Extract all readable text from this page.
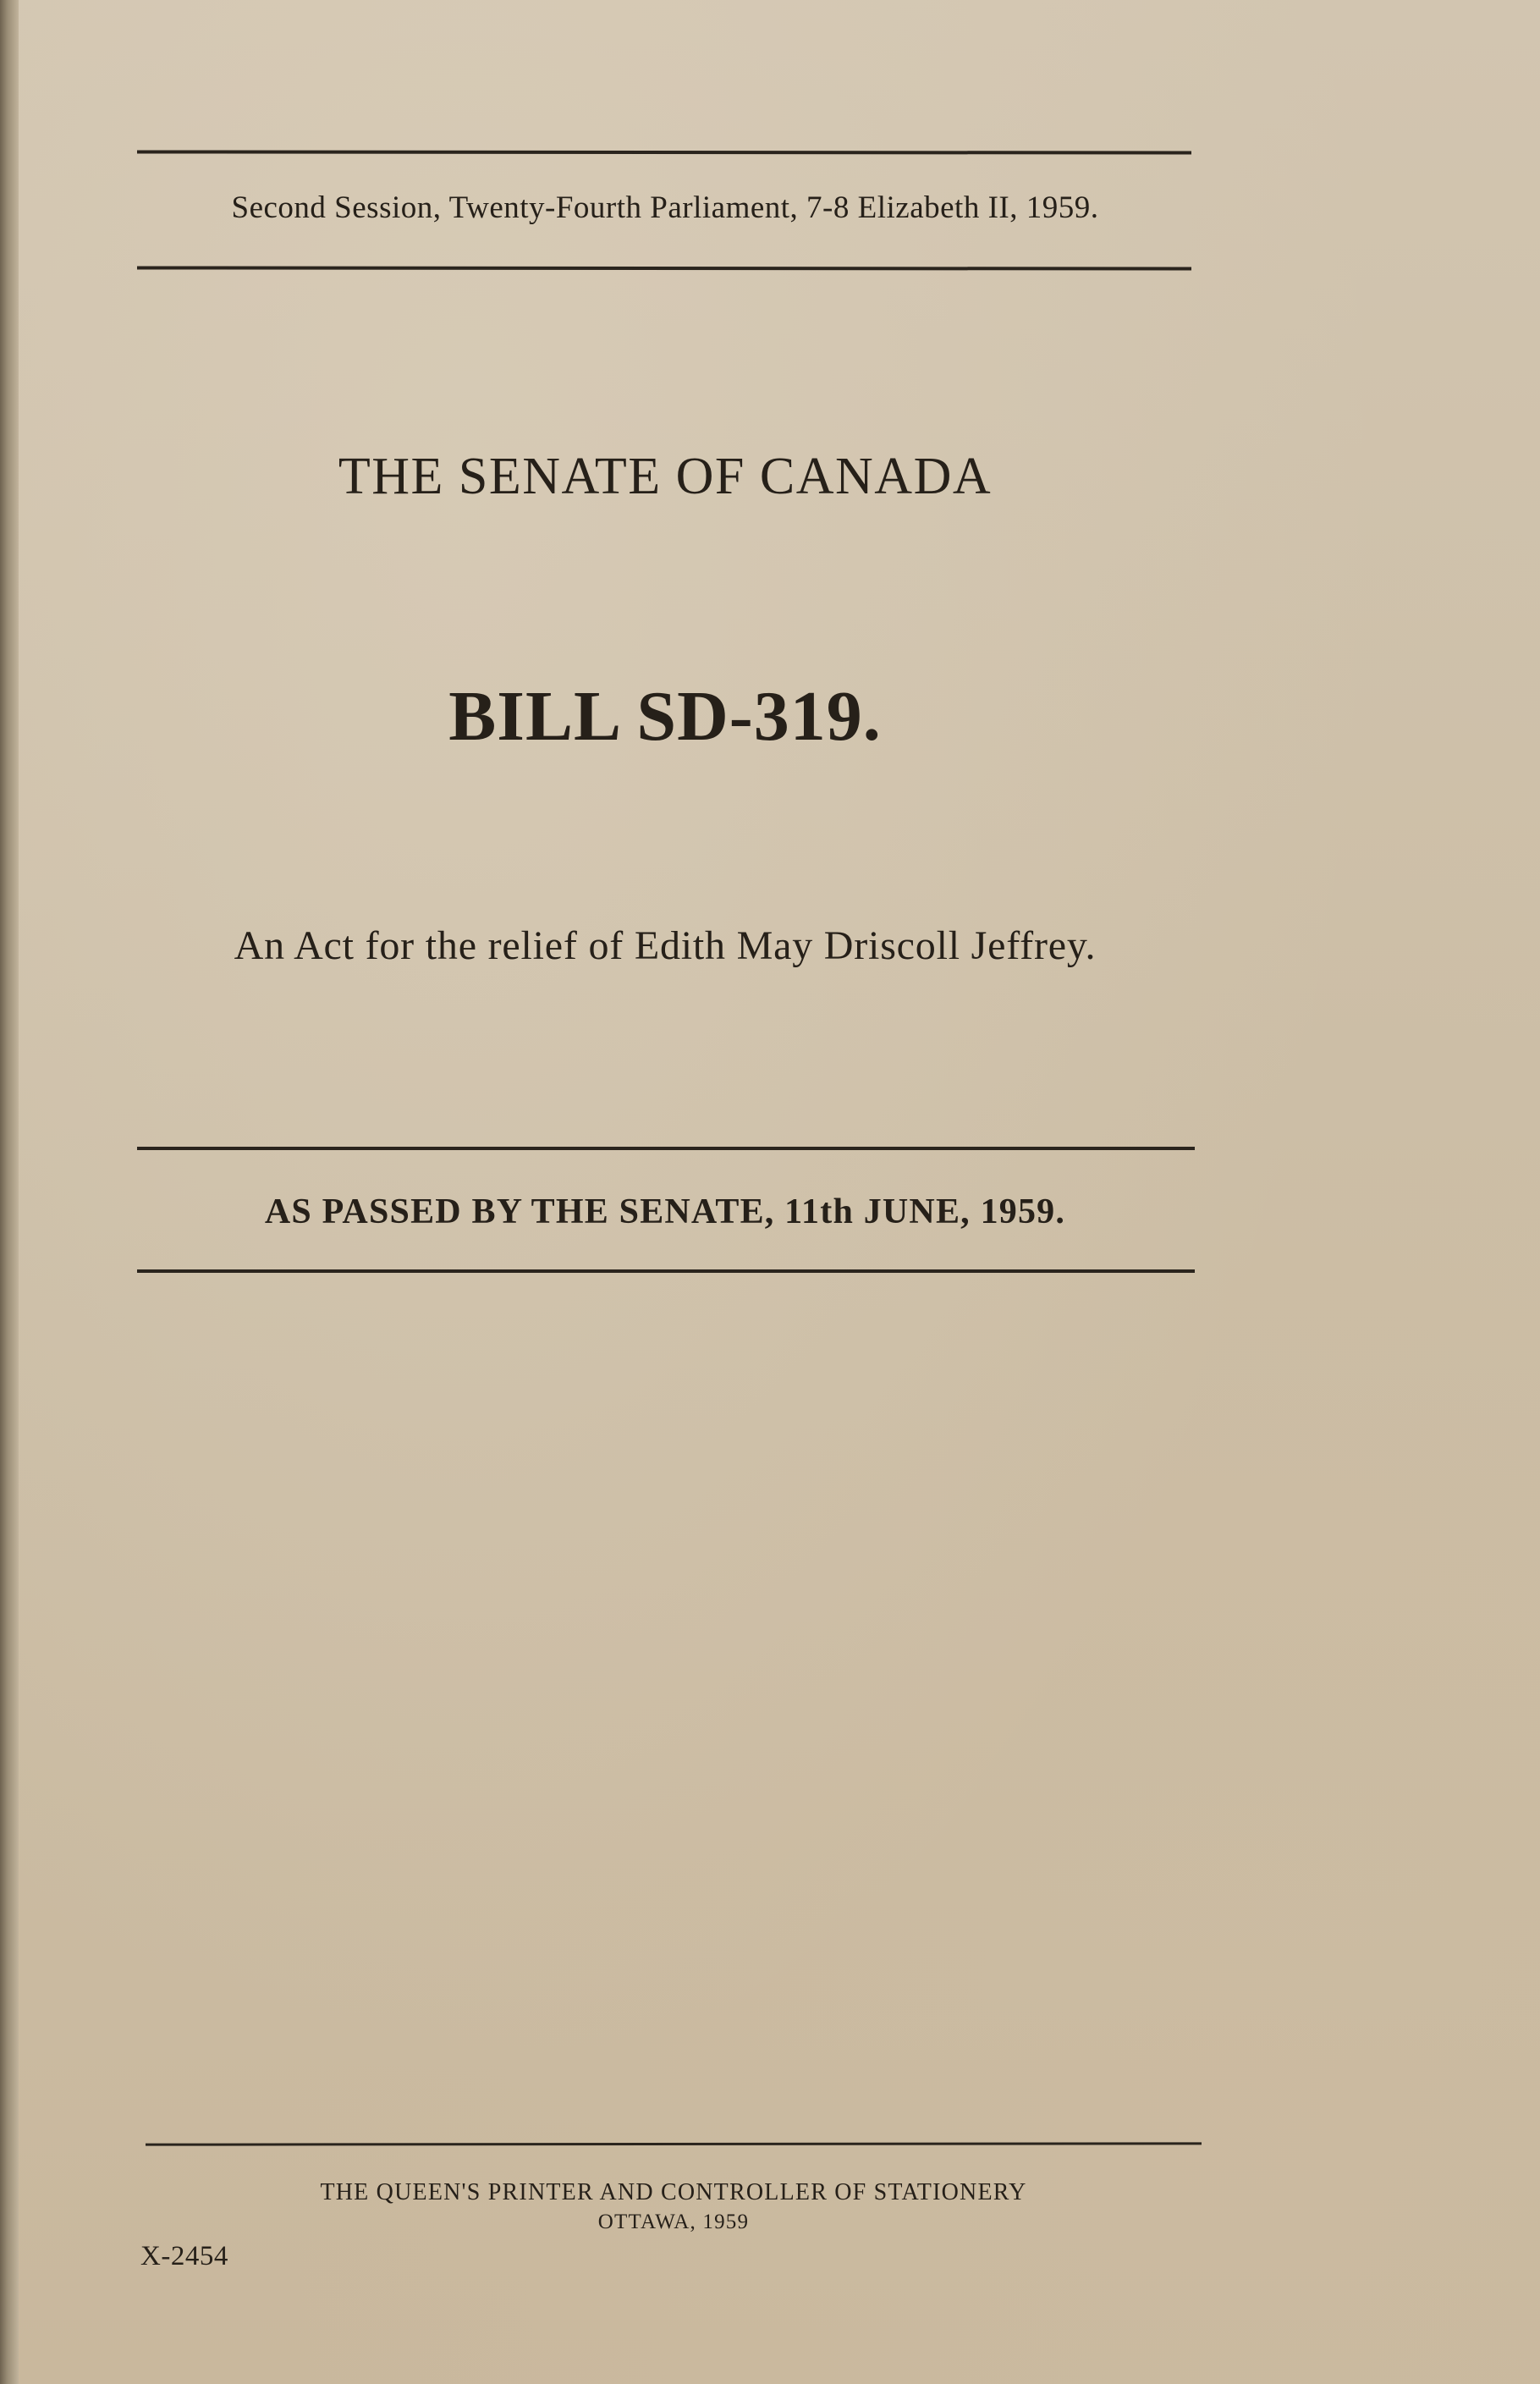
Second Session, Twenty-Fourth Parliament, 7-8 Elizabeth II, 1959.
THE SENATE OF CANADA
BILL SD-319.
An Act for the relief of Edith May Driscoll Jeffrey.
AS PASSED BY THE SENATE, 11th JUNE, 1959.
THE QUEEN'S PRINTER AND CONTROLLER OF STATIONERY
OTTAWA, 1959
X-2454
